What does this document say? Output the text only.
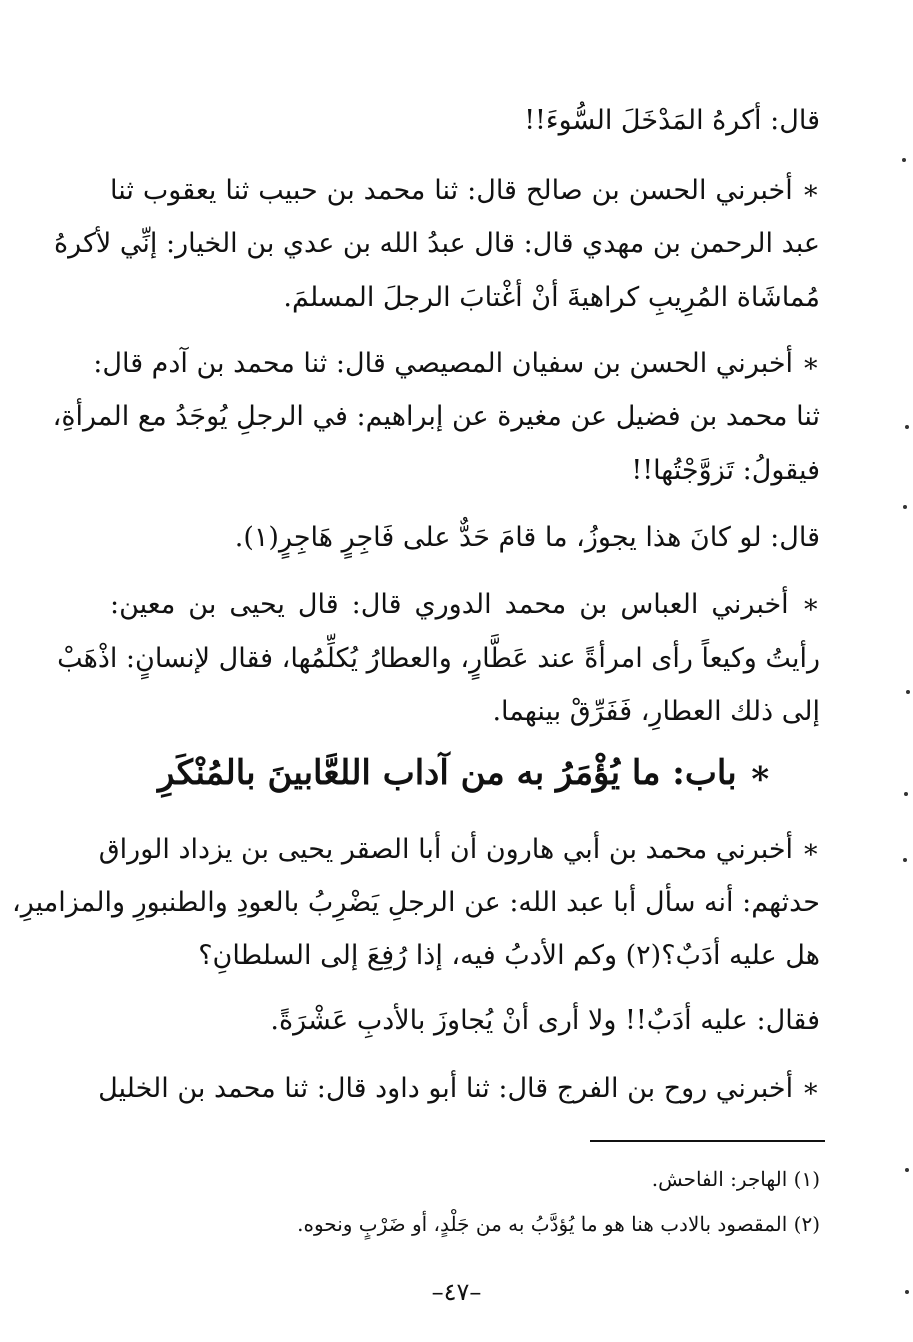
قال: أكرهُ المَدْخَلَ السُّوءَ!!
∗ أخبرني الحسن بن صالح قال: ثنا محمد بن حبيب ثنا يعقوب ثنا
عبد الرحمن بن مهدي قال: قال عبدُ الله بن عدي بن الخيار: إنِّي لأكرهُ
مُماشَاة المُرِيبِ كراهيةَ أنْ أغْتابَ الرجلَ المسلمَ.
∗ أخبرني الحسن بن سفيان المصيصي قال: ثنا محمد بن آدم قال:
ثنا محمد بن فضيل عن مغيرة عن إبراهيم: في الرجلِ يُوجَدُ مع المرأةِ،
فيقولُ: تَزوَّجْتُها!!
قال: لو كانَ هذا يجوزُ، ما قامَ حَدٌّ على فَاجِرٍ هَاجِرٍ(١).
∗ أخبرني العباس بن محمد الدوري قال: قال يحيى بن معين:
رأيتُ وكيعاً رأى امرأةً عند عَطَّارٍ، والعطارُ يُكلِّمُها، فقال لإنسانٍ: اذْهَبْ
إلى ذلك العطارِ، فَفَرِّقْ بينهما.
∗ باب: ما يُؤْمَرُ به من آداب اللعَّابينَ بالمُنْكَرِ
∗ أخبرني محمد بن أبي هارون أن أبا الصقر يحيى بن يزداد الوراق
حدثهم: أنه سأل أبا عبد الله: عن الرجلِ يَضْرِبُ بالعودِ والطنبورِ والمزاميرِ،
هل عليه أدَبٌ؟(٢) وكم الأدبُ فيه، إذا رُفِعَ إلى السلطانِ؟
فقال: عليه أدَبٌ!! ولا أرى أنْ يُجاوزَ بالأدبِ عَشْرَةً.
∗ أخبرني روح بن الفرج قال: ثنا أبو داود قال: ثنا محمد بن الخليل
(١) الهاجر: الفاحش.
(٢) المقصود بالادب هنا هو ما يُؤدَّبُ به من جَلْدٍ، أو ضَرْبٍ ونحوه.
–٤٧–
